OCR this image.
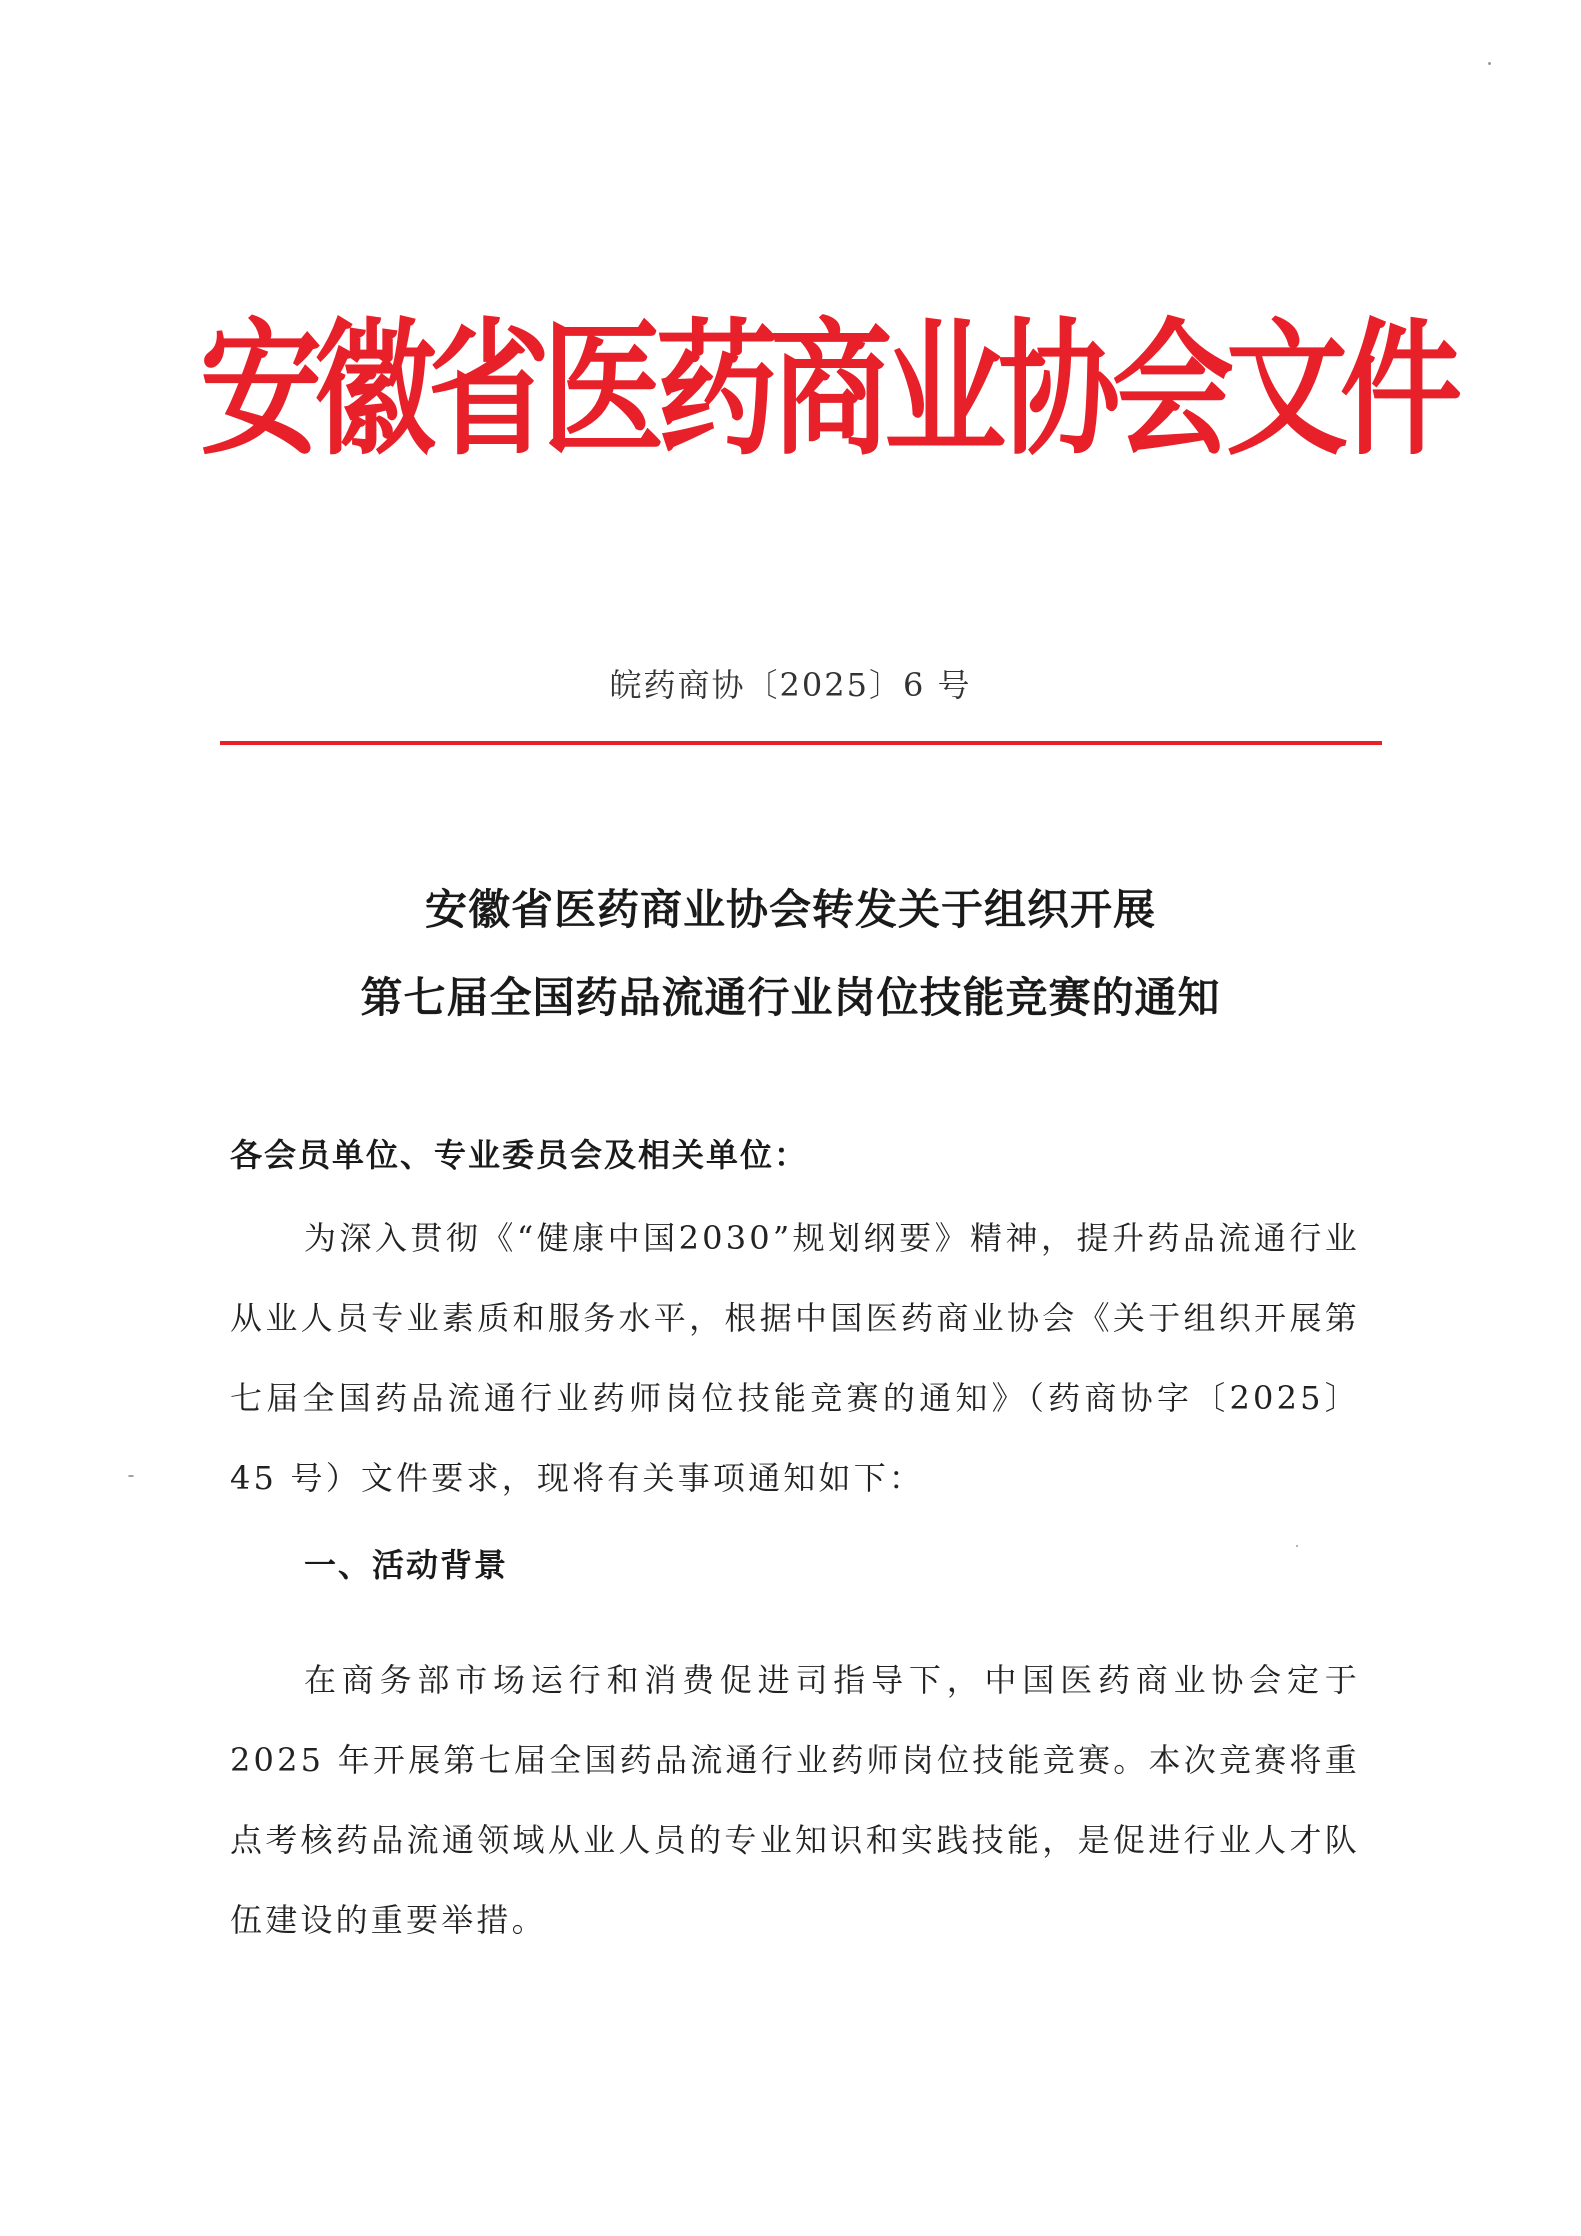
安徽省医药商业协会文件
皖药商协〔2025〕6 号
安徽省医药商业协会转发关于组织开展
第七届全国药品流通行业岗位技能竞赛的通知
各会员单位、专业委员会及相关单位：

为深入贯彻《“健康中国2030”规划纲要》精神，提升药品流通行业从业人员专业素质和服务水平，根据中国医药商业协会《关于组织开展第七届全国药品流通行业药师岗位技能竞赛的通知》（药商协字〔2025〕45 号）文件要求，现将有关事项通知如下：

一、活动背景

在商务部市场运行和消费促进司指导下，中国医药商业协会定于 2025 年开展第七届全国药品流通行业药师岗位技能竞赛。本次竞赛将重点考核药品流通领域从业人员的专业知识和实践技能，是促进行业人才队伍建设的重要举措。
